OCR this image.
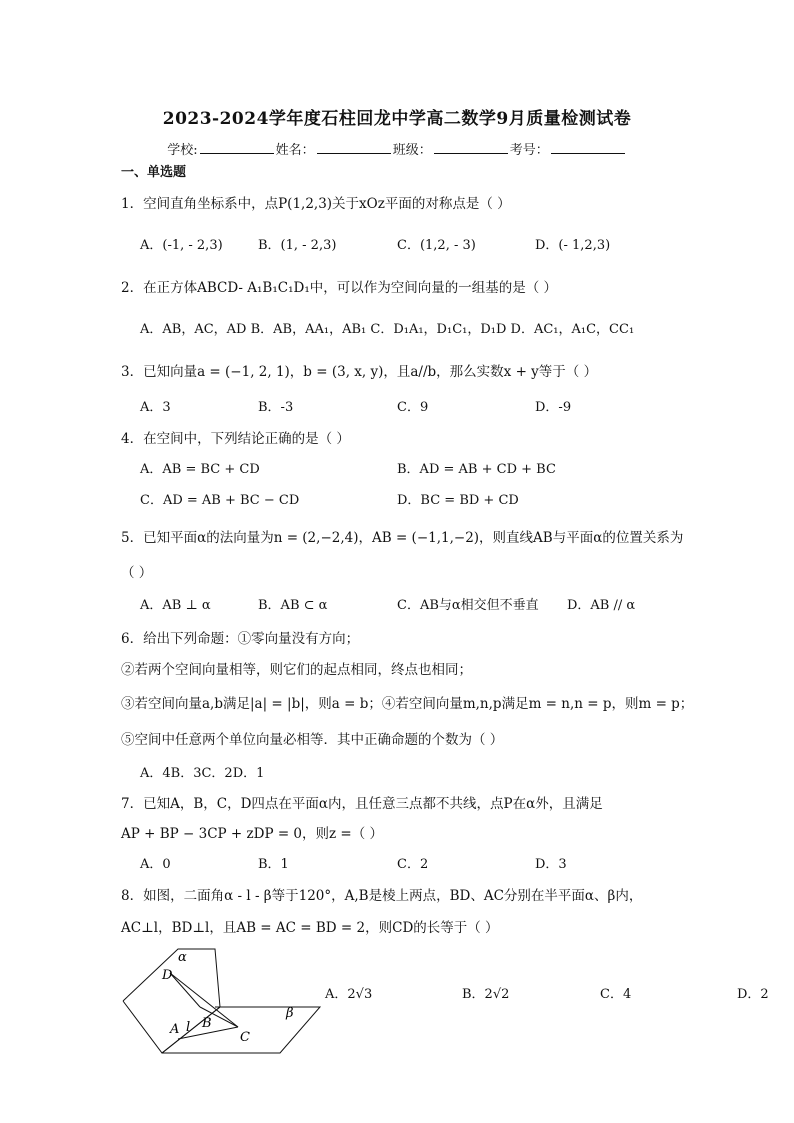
2023-2024学年度石柱回龙中学高二数学9月质量检测试卷
学校:	姓名：	班级：	考号：
一、单选题
1．空间直角坐标系中，点P(1,2,3)关于xOz平面的对称点是（ ）
A．(-1, - 2,3)	B．(1, - 2,3)	C．(1,2, - 3)	D．(- 1,2,3)
2．在正方体ABCD- A₁B₁C₁D₁中，可以作为空间向量的一组基的是（ ）
A．AB，AC，AD B．AB，AA₁，AB₁ C．D₁A₁，D₁C₁，D₁D D．AC₁，A₁C，CC₁
3．已知向量a = (−1, 2, 1)，b = (3, x, y)，且a//b，那么实数x + y等于（ ）
A．3	B．-3	C．9	D．-9
4．在空间中，下列结论正确的是（ ）
A．AB = BC + CD	B．AD = AB + CD + BC
C．AD = AB + BC − CD	D．BC = BD + CD
5．已知平面α的法向量为n = (2,−2,4)，AB = (−1,1,−2)，则直线AB与平面α的位置关系为
（ ）
A．AB ⊥ α	B．AB ⊂ α	C．AB与α相交但不垂直 D．AB // α
6．给出下列命题：①零向量没有方向；
②若两个空间向量相等，则它们的起点相同，终点也相同；
③若空间向量a,b满足|a| = |b|，则a = b；④若空间向量m,n,p满足m = n,n = p，则m = p；
⑤空间中任意两个单位向量必相等．其中正确命题的个数为（ ）
A．4B．3C．2D．1
7．已知A，B，C，D四点在平面α内，且任意三点都不共线，点P在α外，且满足
AP + BP − 3CP + zDP = 0，则z =（ ）
A．0	B．1	C．2	D．3
8．如图，二面角α - l - β等于120°，A,B是棱上两点，BD、AC分别在半平面α、β内，
AC⊥l，BD⊥l，且AB = AC = BD = 2，则CD的长等于（ ）
α
β
l
D
A B
C
A．2√3	B．2√2	C．4	D．2
